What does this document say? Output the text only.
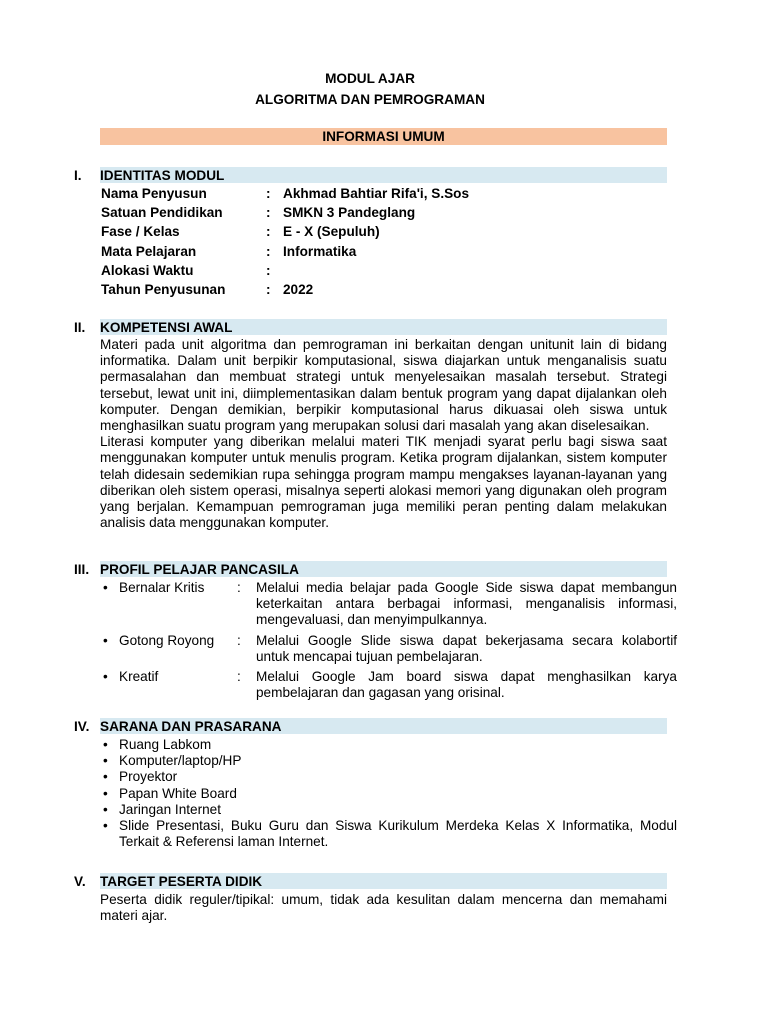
MODUL AJAR
ALGORITMA DAN PEMROGRAMAN
INFORMASI UMUM
I. IDENTITAS MODUL
Nama Penyusun	: Akhmad Bahtiar Rifa'i, S.Sos
Satuan Pendidikan	: SMKN 3 Pandeglang
Fase / Kelas	: E - X (Sepuluh)
Mata Pelajaran	: Informatika
Alokasi Waktu	:
Tahun Penyusunan	: 2022
II. KOMPETENSI AWAL

Materi pada unit algoritma dan pemrograman ini berkaitan dengan unitunit lain di bidang informatika. Dalam unit berpikir komputasional, siswa diajarkan untuk menganalisis suatu permasalahan dan membuat strategi untuk menyelesaikan masalah tersebut. Strategi tersebut, lewat unit ini, diimplementasikan dalam bentuk program yang dapat dijalankan oleh komputer. Dengan demikian, berpikir komputasional harus dikuasai oleh siswa untuk menghasilkan suatu program yang merupakan solusi dari masalah yang akan diselesaikan.

Literasi komputer yang diberikan melalui materi TIK menjadi syarat perlu bagi siswa saat menggunakan komputer untuk menulis program. Ketika program dijalankan, sistem komputer telah didesain sedemikian rupa sehingga program mampu mengakses layanan-layanan yang diberikan oleh sistem operasi, misalnya seperti alokasi memori yang digunakan oleh program yang berjalan. Kemampuan pemrograman juga memiliki peran penting dalam melakukan analisis data menggunakan komputer.

III. PROFIL PELAJAR PANCASILA
• Bernalar Kritis : Melalui media belajar pada Google Side siswa dapat membangun keterkaitan antara berbagai informasi, menganalisis informasi, mengevaluasi, dan menyimpulkannya.
• Gotong Royong : Melalui Google Slide siswa dapat bekerjasama secara kolabortif untuk mencapai tujuan pembelajaran.
• Kreatif	: Melalui Google Jam board siswa dapat menghasilkan karya pembelajaran dan gagasan yang orisinal.
IV. SARANA DAN PRASARANA
• Ruang Labkom
• Komputer/laptop/HP
• Proyektor
• Papan White Board
• Jaringan Internet
• Slide Presentasi, Buku Guru dan Siswa Kurikulum Merdeka Kelas X Informatika, Modul Terkait & Referensi laman Internet.
V. TARGET PESERTA DIDIK

Peserta didik reguler/tipikal: umum, tidak ada kesulitan dalam mencerna dan memahami materi ajar.
